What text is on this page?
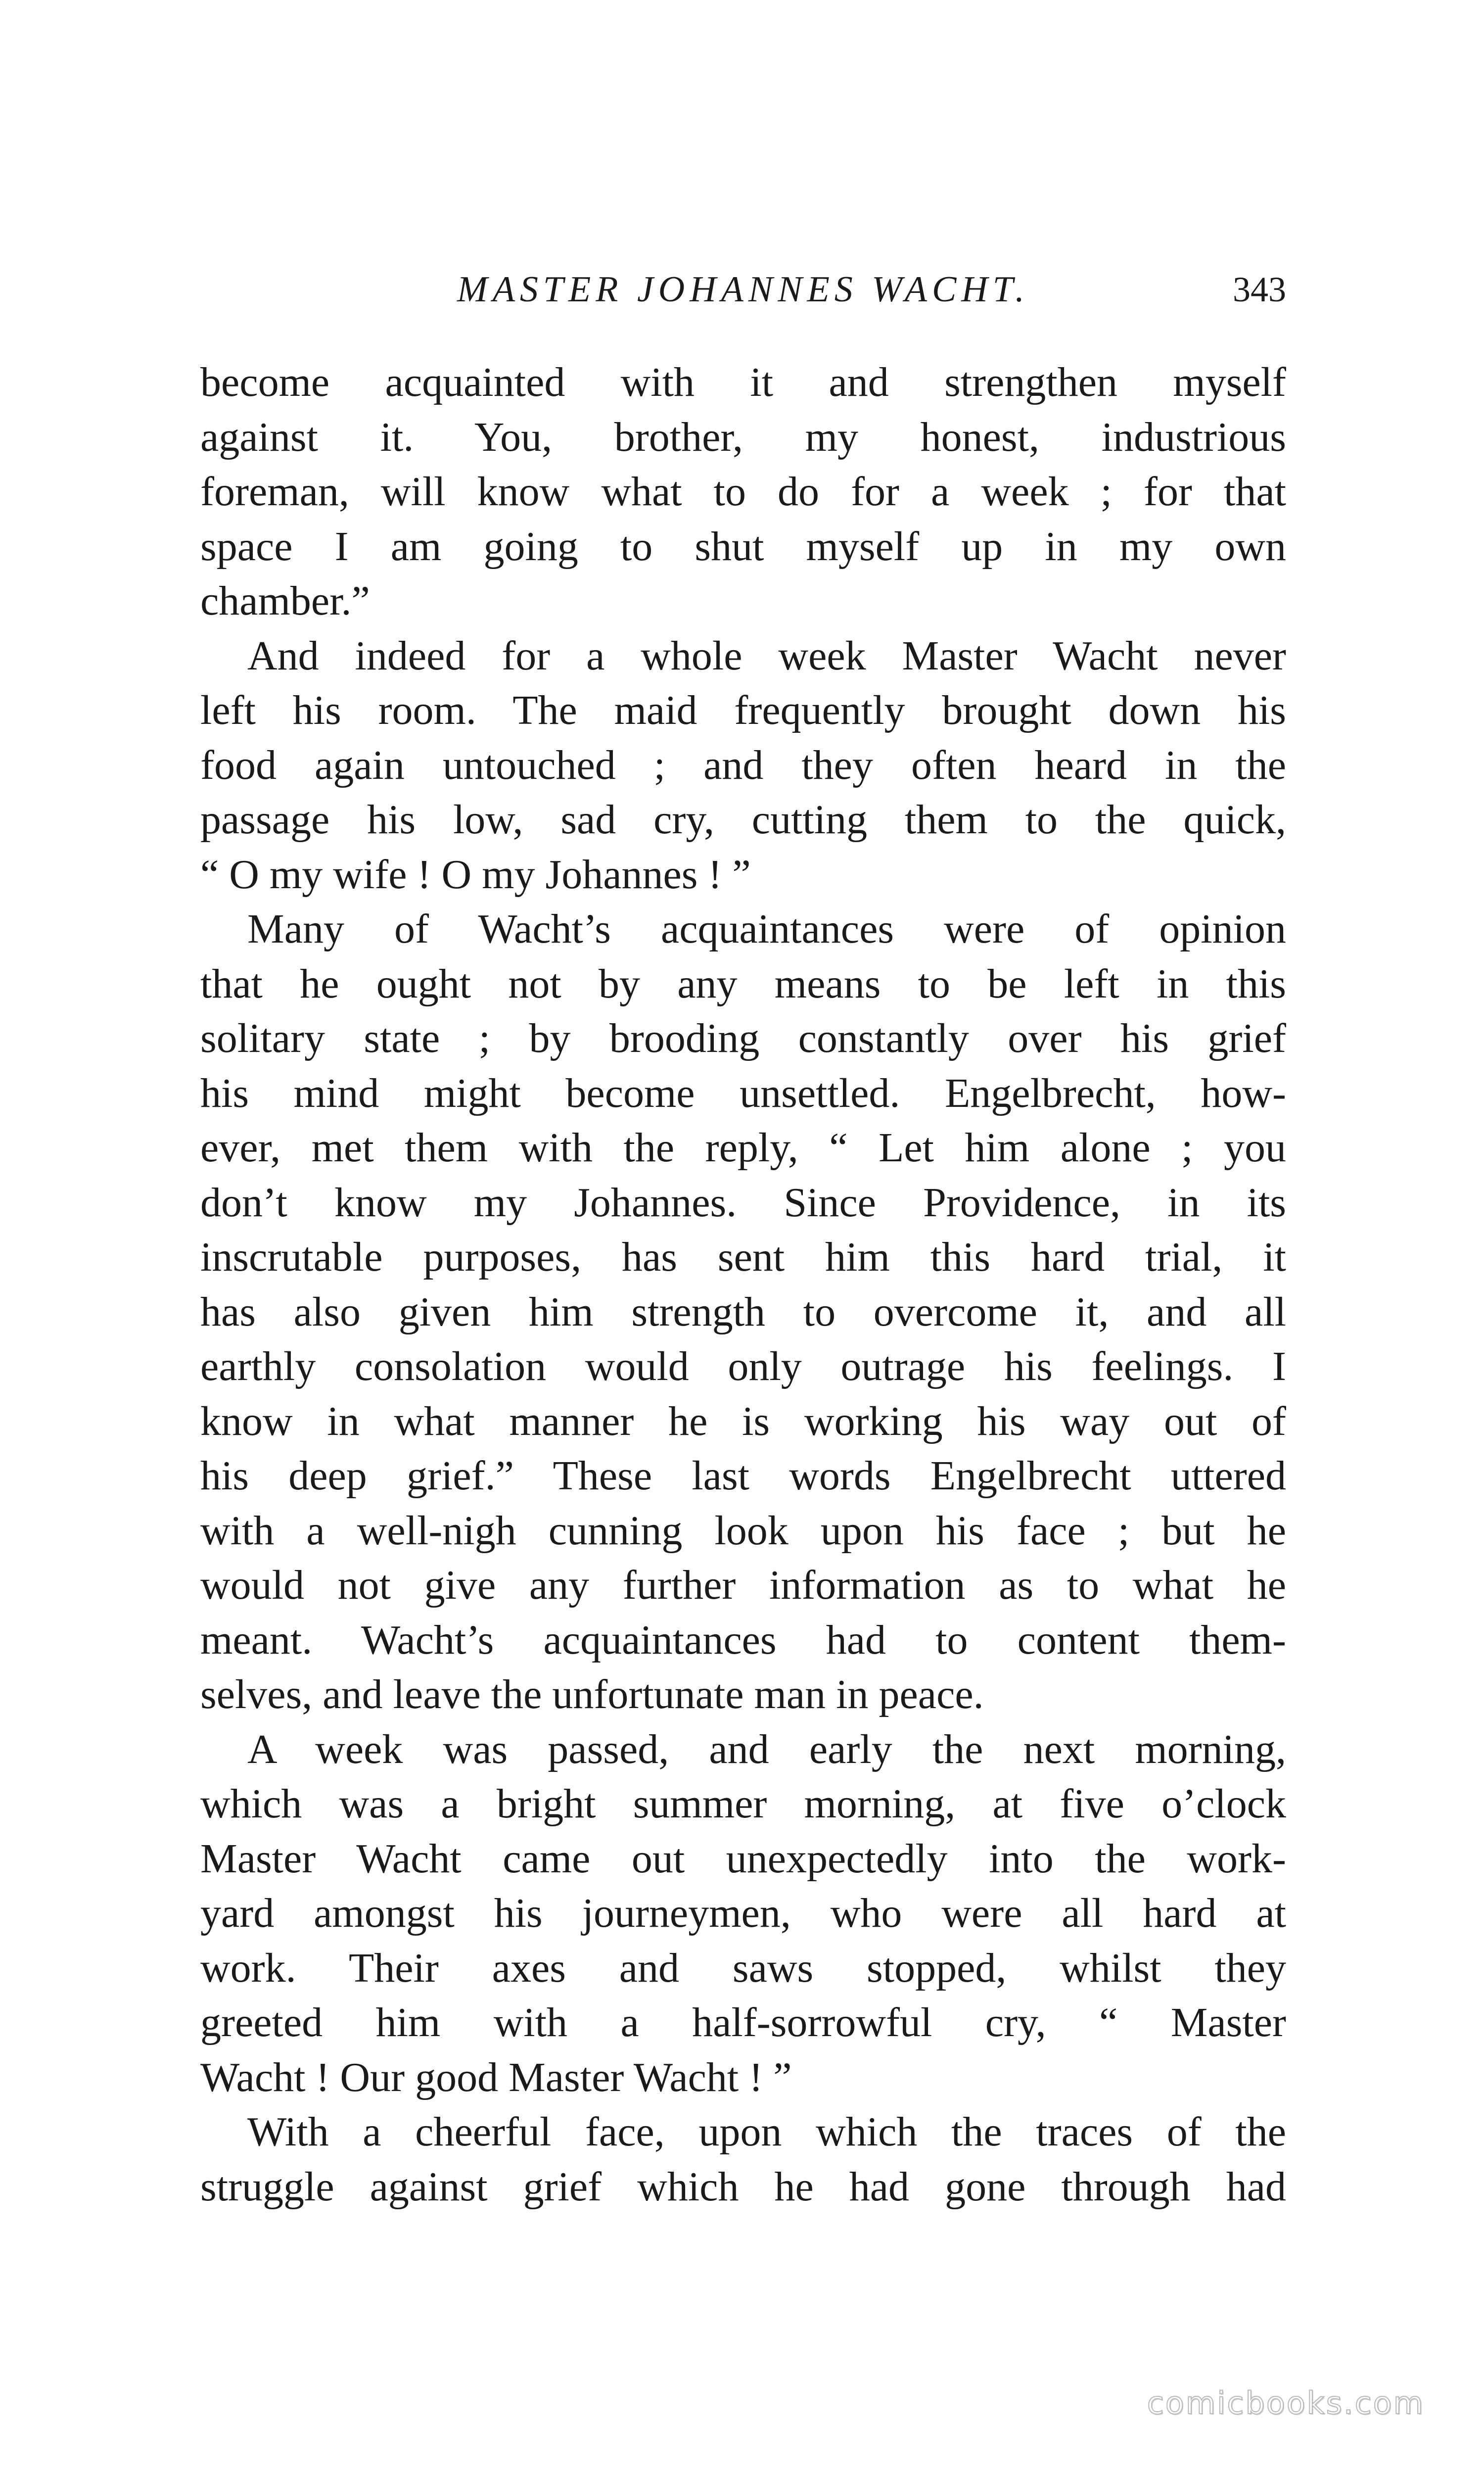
MASTER JOHANNES WACHT.	343
become acquainted with it and strengthen myself
against it. You, brother, my honest, industrious
foreman, will know what to do for a week ; for that
space I am going to shut myself up in my own
chamber.”
And indeed for a whole week Master Wacht never
left his room. The maid frequently brought down his
food again untouched ; and they often heard in the
passage his low, sad cry, cutting them to the quick,
“ O my wife ! O my Johannes ! ”
Many of Wacht’s acquaintances were of opinion
that he ought not by any means to be left in this
solitary state ; by brooding constantly over his grief
his mind might become unsettled. Engelbrecht, how-
ever, met them with the reply, “ Let him alone ; you
don’t know my Johannes. Since Providence, in its
inscrutable purposes, has sent him this hard trial, it
has also given him strength to overcome it, and all
earthly consolation would only outrage his feelings. I
know in what manner he is working his way out of
his deep grief.” These last words Engelbrecht uttered
with a well-nigh cunning look upon his face ; but he
would not give any further information as to what he
meant. Wacht’s acquaintances had to content them-
selves, and leave the unfortunate man in peace.
A week was passed, and early the next morning,
which was a bright summer morning, at five o’clock
Master Wacht came out unexpectedly into the work-
yard amongst his journeymen, who were all hard at
work. Their axes and saws stopped, whilst they
greeted him with a half-sorrowful cry, “ Master
Wacht ! Our good Master Wacht ! ”
With a cheerful face, upon which the traces of the
struggle against grief which he had gone through had
comicbooks.com
